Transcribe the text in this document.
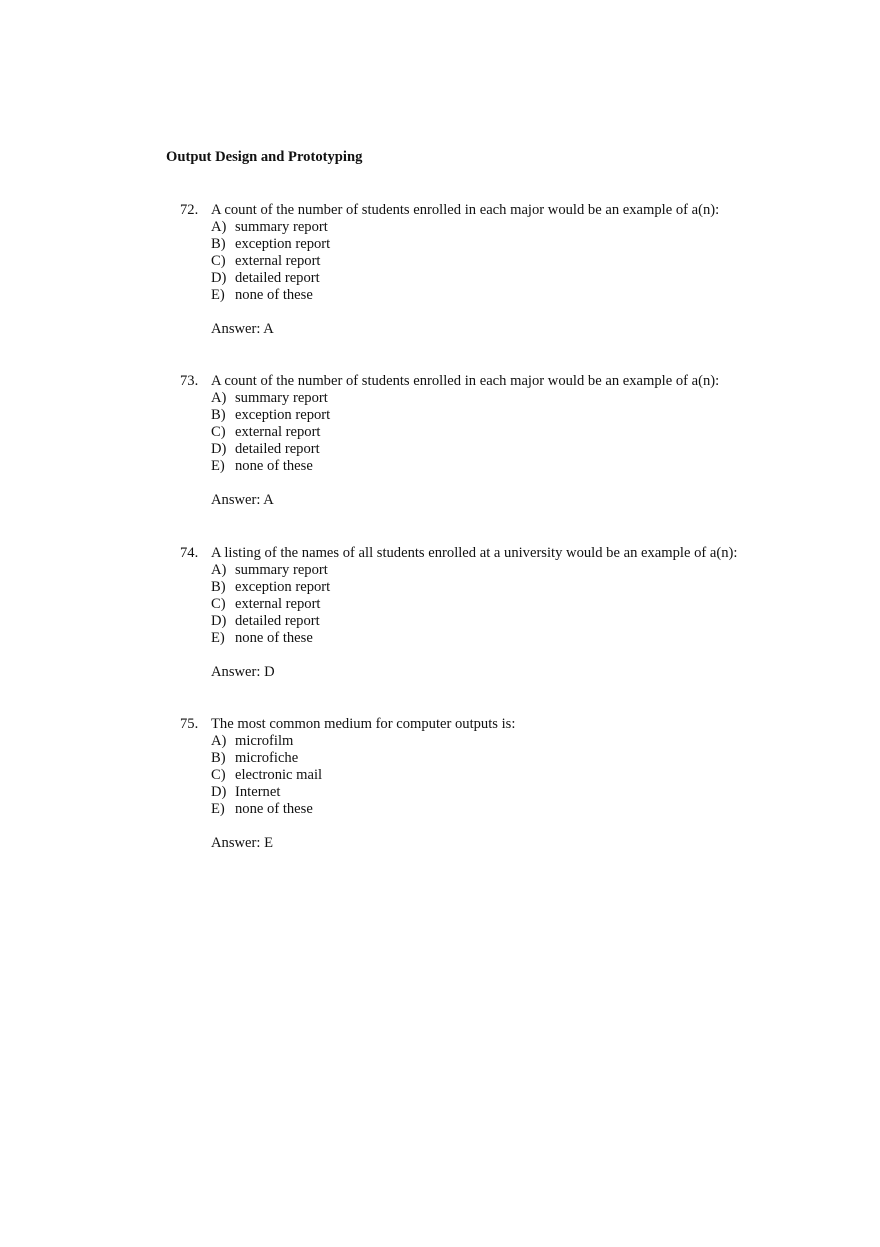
Output Design and Prototyping
72. A count of the number of students enrolled in each major would be an example of a(n):

A) summary report
B) exception report
C) external report
D) detailed report
E) none of these
Answer: A
73. A count of the number of students enrolled in each major would be an example of a(n):

A) summary report
B) exception report
C) external report
D) detailed report
E) none of these
Answer: A
74. A listing of the names of all students enrolled at a university would be an example of a(n):

A) summary report
B) exception report
C) external report
D) detailed report
E) none of these
Answer: D
75. The most common medium for computer outputs is:

A) microfilm
B) microfiche
C) electronic mail
D) Internet
E) none of these
Answer: E
